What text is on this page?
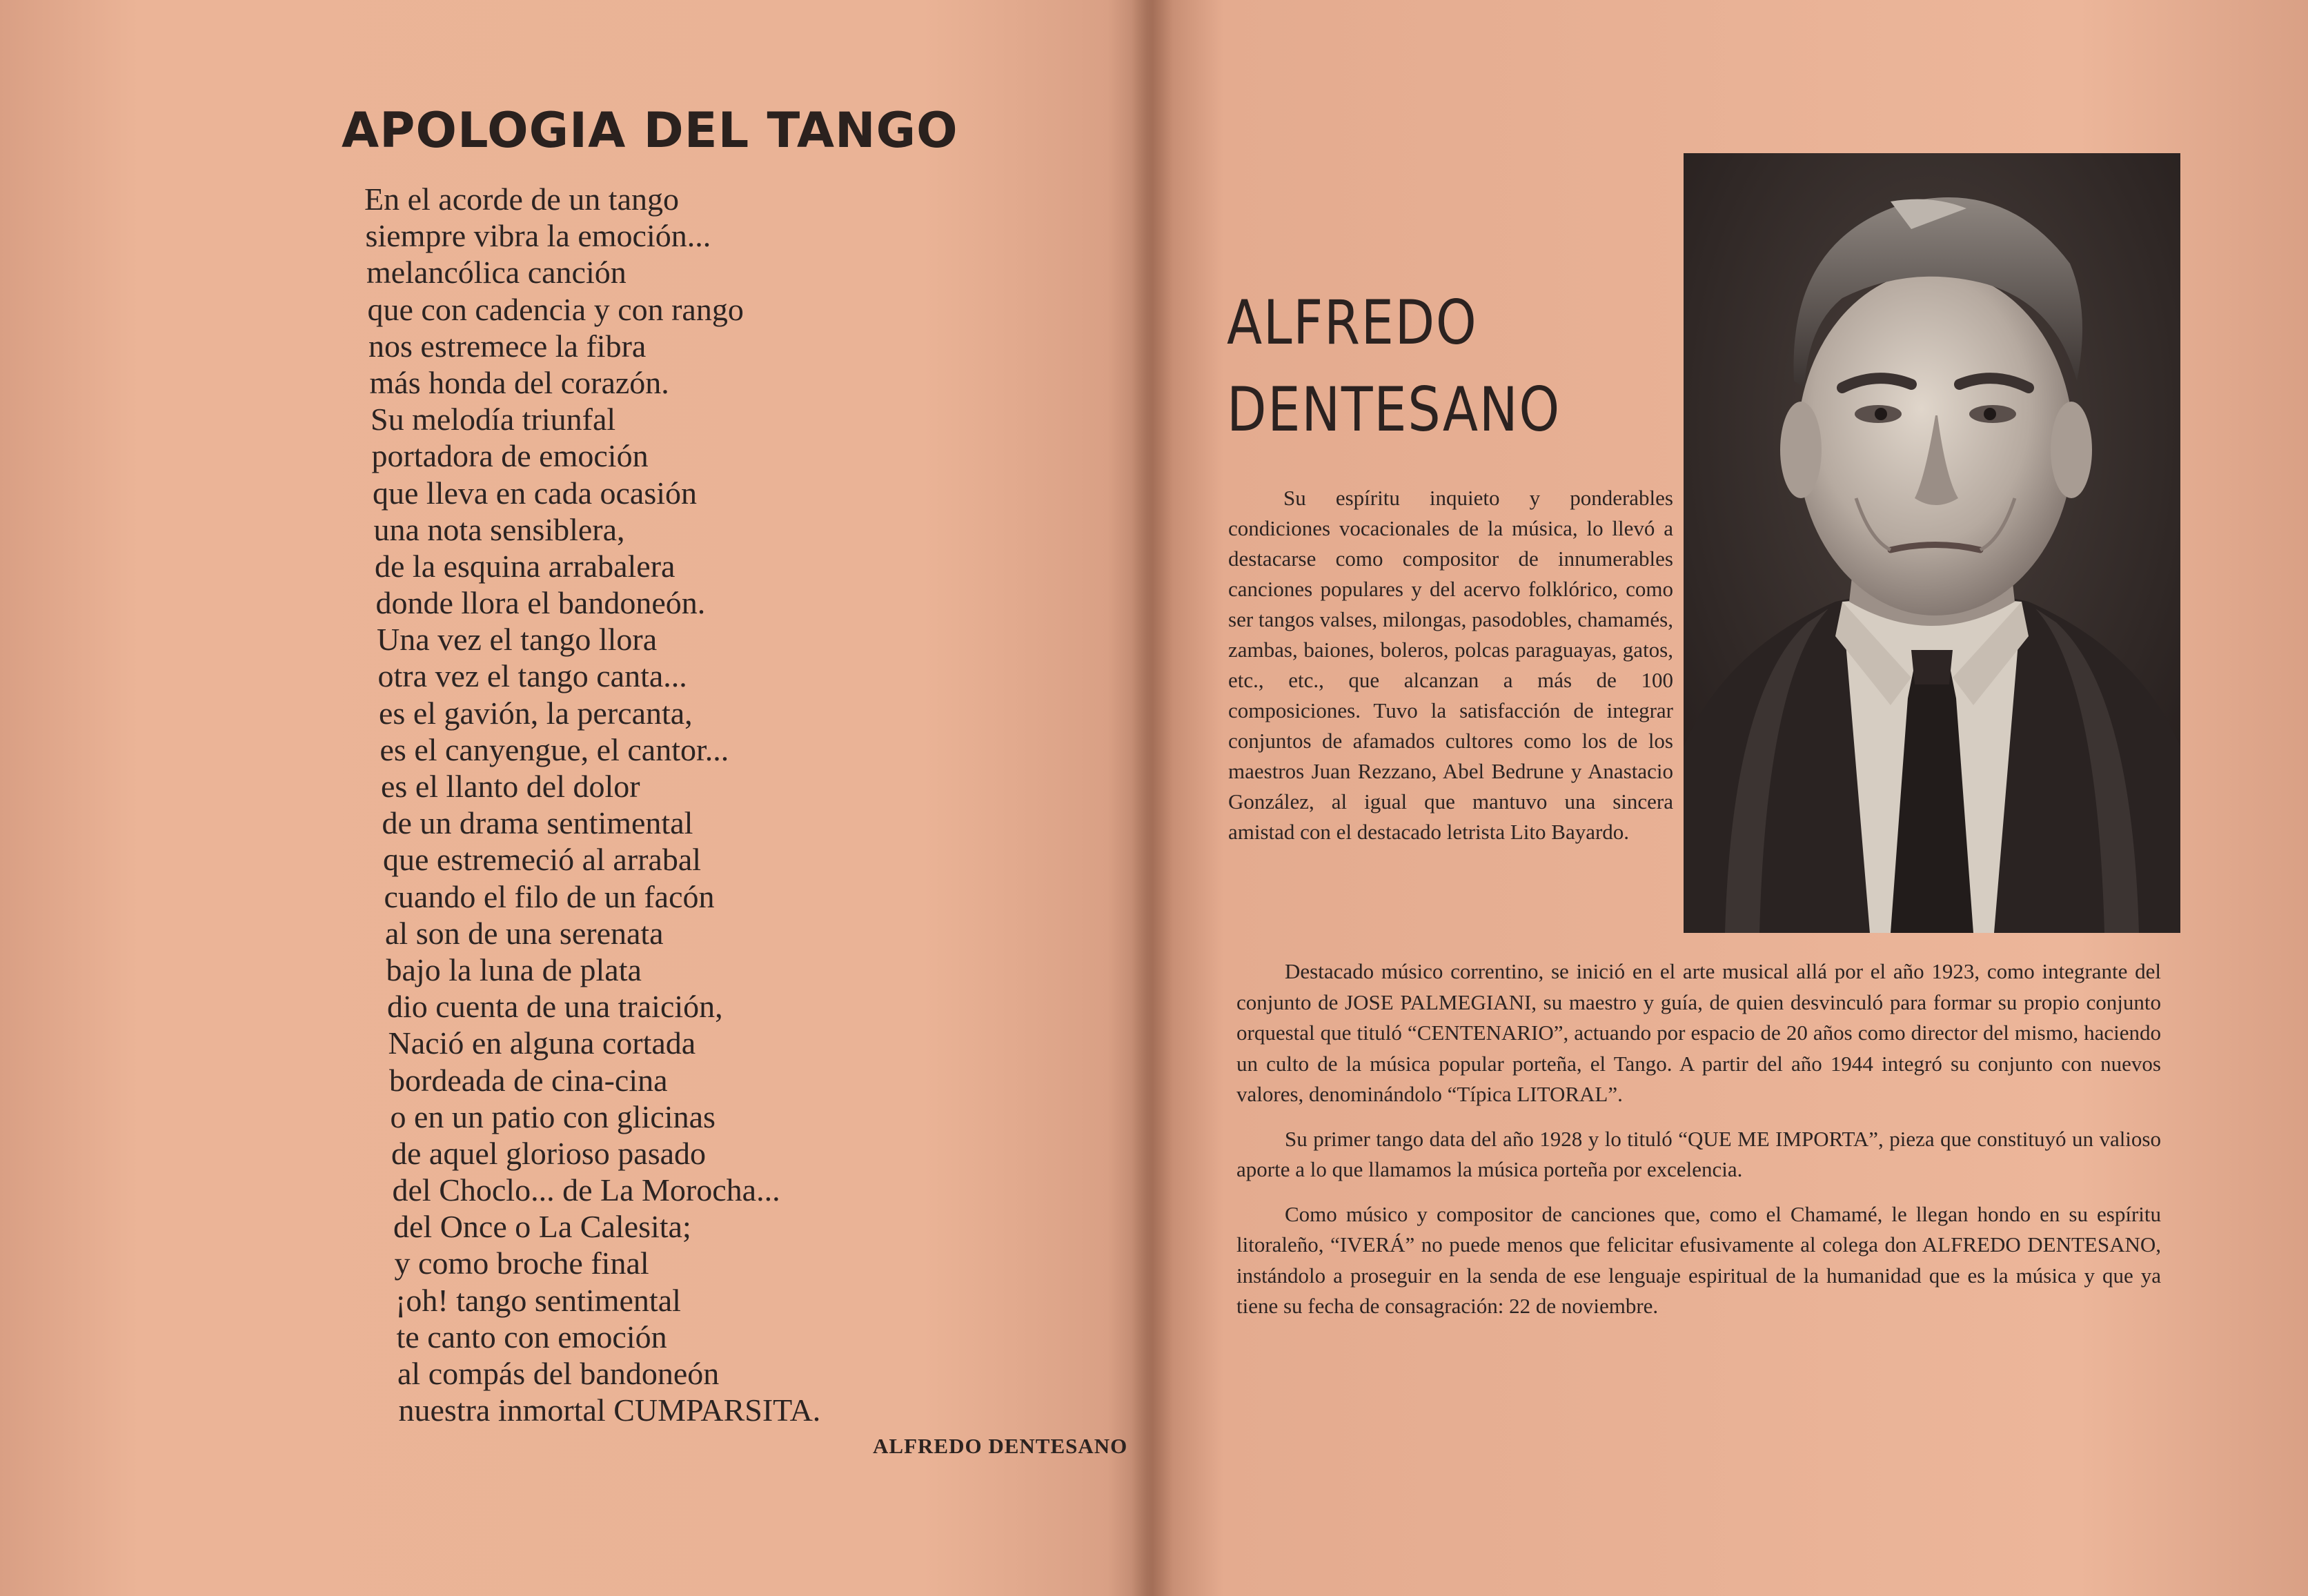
APOLOGIA DEL TANGO
En el acorde de un tango
siempre vibra la emoción...
melancólica canción
que con cadencia y con rango
nos estremece la fibra
más honda del corazón.
Su melodía triunfal
portadora de emoción
que lleva en cada ocasión
una nota sensiblera,
de la esquina arrabalera
donde llora el bandoneón.
Una vez el tango llora
otra vez el tango canta...
es el gavión, la percanta,
es el canyengue, el cantor...
es el llanto del dolor
de un drama sentimental
que estremeció al arrabal
cuando el filo de un facón
al son de una serenata
bajo la luna de plata
dio cuenta de una traición,
Nació en alguna cortada
bordeada de cina-cina
o en un patio con glicinas
de aquel glorioso pasado
del Choclo... de La Morocha...
del Once o La Calesita;
y como broche final
¡oh! tango sentimental
te canto con emoción
al compás del bandoneón
nuestra inmortal CUMPARSITA.
ALFREDO DENTESANO
ALFREDO
DENTESANO

Su espíritu inquieto y ponderables condiciones vocacionales de la música, lo llevó a destacarse como compositor de innumerables canciones populares y del acervo folklórico, como ser tangos valses, milongas, pasodobles, chamamés, zambas, baiones, boleros, polcas paraguayas, gatos, etc., etc., que alcanzan a más de 100 composiciones. Tuvo la satisfacción de integrar conjuntos de afamados cultores como los de los maestros Juan Rezzano, Abel Bedrune y Anastacio González, al igual que mantuvo una sincera amistad con el destacado letrista Lito Bayardo.

Destacado músico correntino, se inició en el arte musical allá por el año 1923, como integrante del conjunto de JOSE PALMEGIANI, su maestro y guía, de quien desvinculó para formar su propio conjunto orquestal que tituló “CENTENARIO”, actuando por espacio de 20 años como director del mismo, haciendo un culto de la música popular porteña, el Tango. A partir del año 1944 integró su conjunto con nuevos valores, denominándolo “Típica LITORAL”.

Su primer tango data del año 1928 y lo tituló “QUE ME IMPORTA”, pieza que constituyó un valioso aporte a lo que llamamos la música porteña por excelencia.

Como músico y compositor de canciones que, como el Chamamé, le llegan hondo en su espíritu litoraleño, “IVERÁ” no puede menos que felicitar efusivamente al colega don ALFREDO DENTESANO, instándolo a proseguir en la senda de ese lenguaje espiritual de la humanidad que es la música y que ya tiene su fecha de consagración: 22 de noviembre.
